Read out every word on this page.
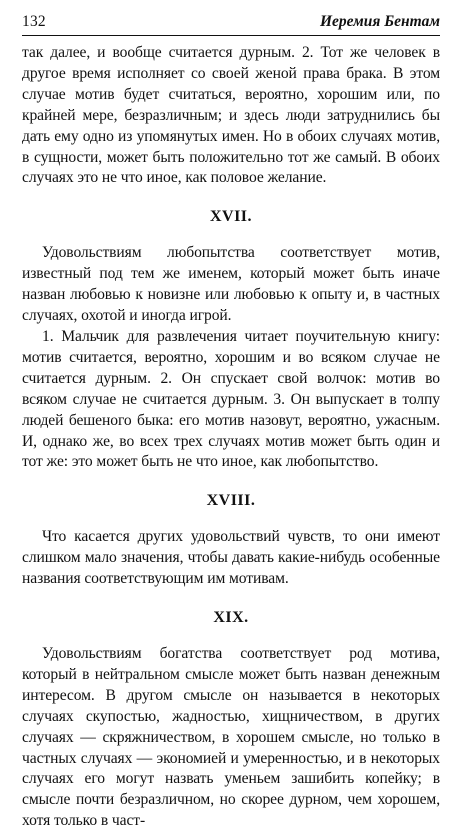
132	Иеремия Бентам

так далее, и вообще считается дурным. 2. Тот же человек в другое время исполняет со своей женой права брака. В этом случае мотив будет считаться, вероятно, хорошим или, по крайней мере, безразличным; и здесь люди затруднились бы дать ему одно из упомянутых имен. Но в обоих случаях мотив, в сущности, может быть положительно тот же самый. В обоих случаях это не что иное, как половое желание.

XVII.

Удовольствиям любопытства соответствует мотив, известный под тем же именем, который может быть иначе назван любовью к новизне или любовью к опыту и, в частных случаях, охотой и иногда игрой.

1. Мальчик для развлечения читает поучительную книгу: мотив считается, вероятно, хорошим и во всяком случае не считается дурным. 2. Он спускает свой волчок: мотив во всяком случае не считается дурным. 3. Он выпускает в толпу людей бешеного быка: его мотив назовут, вероятно, ужасным. И, однако же, во всех трех случаях мотив может быть один и тот же: это может быть не что иное, как любопытство.

XVIII.

Что касается других удовольствий чувств, то они имеют слишком мало значения, чтобы давать какие-нибудь особенные названия соответствующим им мотивам.

XIX.

Удовольствиям богатства соответствует род мотива, который в нейтральном смысле может быть назван денежным интересом. В другом смысле он называется в некоторых случаях скупостью, жадностью, хищничеством, в других случаях — скряжничеством, в хорошем смысле, но только в частных случаях — экономией и умеренностью, и в некоторых случаях его могут назвать уменьем зашибить копейку; в смысле почти безразличном, но скорее дурном, чем хорошем, хотя только в част-
